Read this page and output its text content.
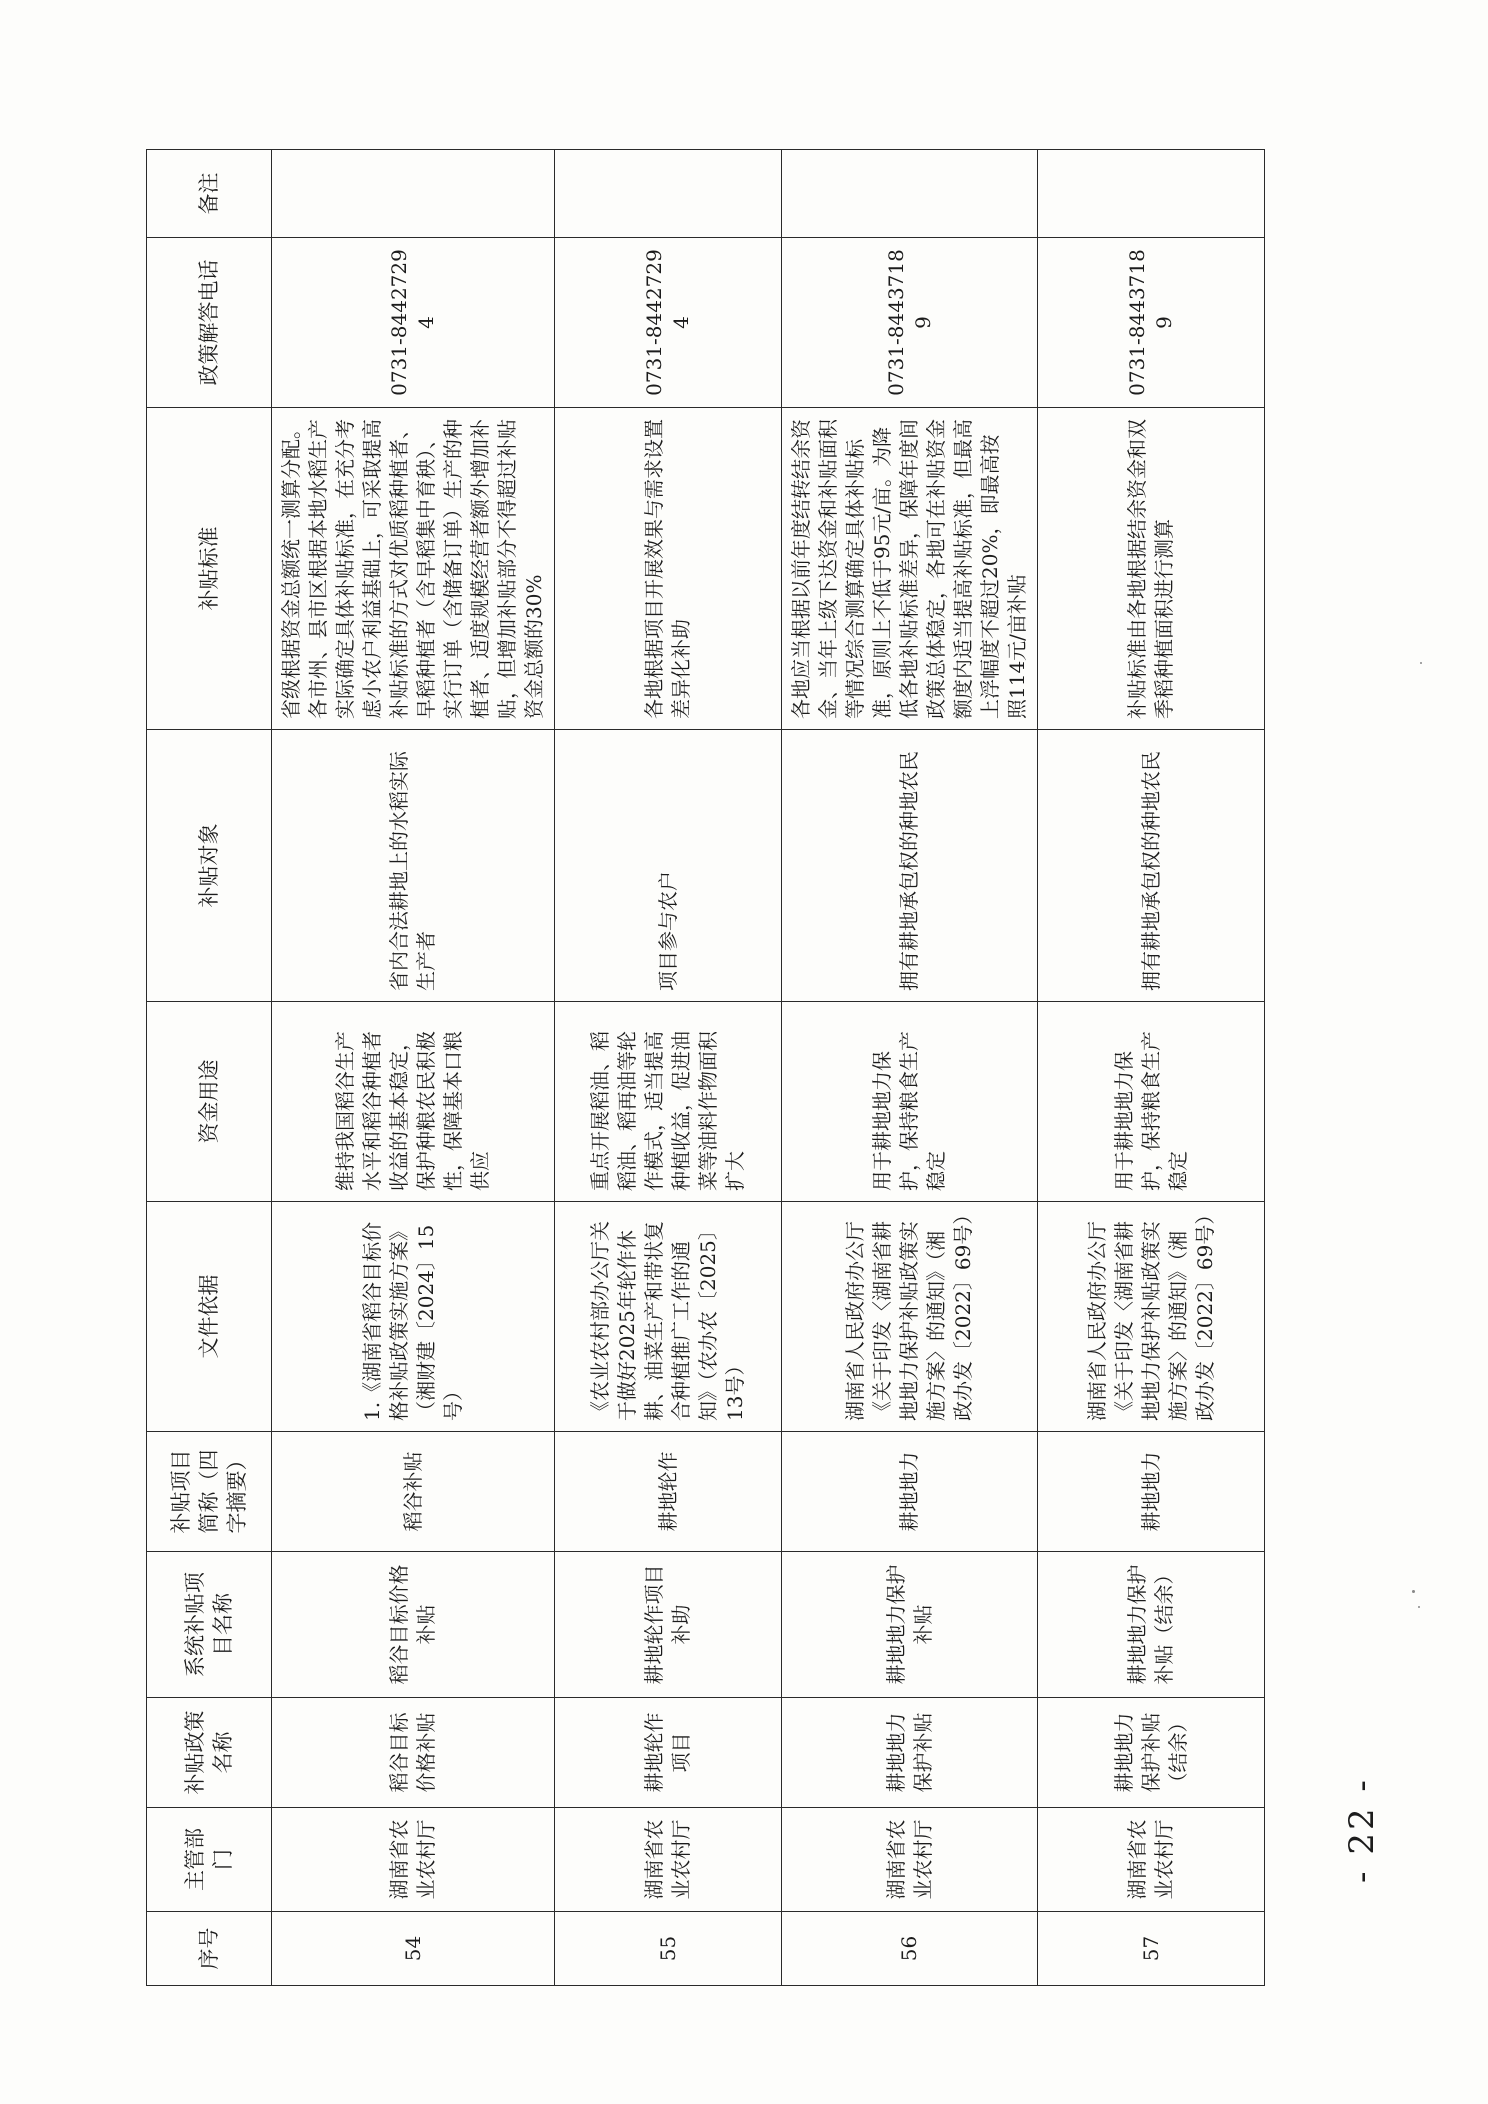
序号	主管部门	补贴政策名称	系统补贴项目名称	补贴项目简称（四字摘要）	文件依据	资金用途	补贴对象	补贴标准	政策解答电话	备注
54	湖南省农业农村厅	稻谷目标价格补贴	稻谷目标价格补贴	稻谷补贴	1.《湖南省稻谷目标价格补贴政策实施方案》（湘财建〔2024〕15号）	维持我国稻谷生产水平和稻谷种植者收益的基本稳定，保护种粮农民积极性，保障基本口粮供应	省内合法耕地上的水稻实际生产者	省级根据资金总额统一测算分配。各市州、县市区根据本地水稻生产实际确定具体补贴标准，在充分考虑小农户利益基础上，可采取提高补贴标准的方式对优质稻种植者、早稻种植者（含早稻集中育秧）、实行订单（含储备订单）生产的种植者、适度规模经营者额外增加补贴，但增加补贴部分不得超过补贴资金总额的30%	0731-84427294	
55	湖南省农业农村厅	耕地轮作项目	耕地轮作项目补助	耕地轮作	《农业农村部办公厅关于做好2025年轮作休耕、油菜生产和带状复合种植推广工作的通知》（农办农〔2025〕13号）	重点开展稻油、稻稻油、稻再油等轮作模式，适当提高种植收益，促进油菜等油料作物面积扩大	项目参与农户	各地根据项目开展效果与需求设置差异化补助	0731-84427294	
56	湖南省农业农村厅	耕地地力保护补贴	耕地地力保护补贴	耕地地力	湖南省人民政府办公厅《关于印发〈湖南省耕地地力保护补贴政策实施方案〉的通知》（湘政办发〔2022〕69号）	用于耕地地力保护，保持粮食生产稳定	拥有耕地承包权的种地农民	各地应当根据以前年度结转结余资金、当年上级下达资金和补贴面积等情况综合测算确定具体补贴标准，原则上不低于95元/亩。为降低各地补贴标准差异，保障年度间政策总体稳定，各地可在补贴资金额度内适当提高补贴标准，但最高上浮幅度不超过20%，即最高按照114元/亩补贴	0731-84437189	
57	湖南省农业农村厅	耕地地力保护补贴（结余）	耕地地力保护补贴（结余）	耕地地力	湖南省人民政府办公厅《关于印发〈湖南省耕地地力保护补贴政策实施方案〉的通知》（湘政办发〔2022〕69号）	用于耕地地力保护，保持粮食生产稳定	拥有耕地承包权的种地农民	补贴标准由各地根据结余资金和双季稻种植面积进行测算	0731-84437189	
- 22 -
